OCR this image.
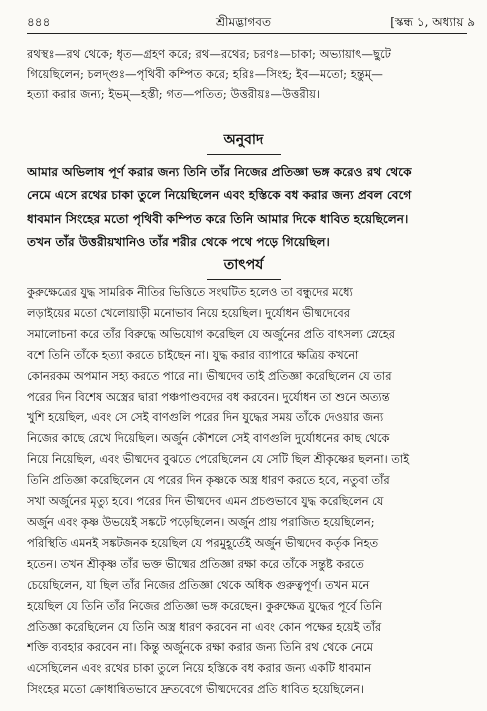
৪৪৪	শ্রীমদ্ভাগবত	[স্কন্ধ ১, অধ্যায় ৯
রথস্থঃ—রথ থেকে; ধৃত—গ্রহণ করে; রথ—রথের; চরণঃ—চাকা; অভ্যায়াৎ—ছুটে
গিয়েছিলেন; চলদ্গুঃ—পৃথিবী কম্পিত করে; হরিঃ—সিংহ; ইব—মতো; হন্তুম্—
হত্যা করার জন্য; ইভম্—হস্তী; গত—পতিত; উত্তরীয়ঃ—উত্তরীয়।
অনুবাদ
আমার অভিলাষ পূর্ণ করার জন্য তিনি তাঁর নিজের প্রতিজ্ঞা ভঙ্গ করেও রথ থেকে
নেমে এসে রথের চাকা তুলে নিয়েছিলেন এবং হস্তিকে বধ করার জন্য প্রবল বেগে
ধাবমান সিংহের মতো পৃথিবী কম্পিত করে তিনি আমার দিকে ধাবিত হয়েছিলেন।
তখন তাঁর উত্তরীয়খানিও তাঁর শরীর থেকে পথে পড়ে গিয়েছিল।
তাৎপর্য
কুরুক্ষেত্রের যুদ্ধ সামরিক নীতির ভিত্তিতে সংঘটিত হলেও তা বন্ধুদের মধ্যে
লড়াইয়ের মতো খেলোয়াড়ী মনোভাব নিয়ে হয়েছিল। দুর্যোধন ভীষ্মদেবের
সমালোচনা করে তাঁর বিরুদ্ধে অভিযোগ করেছিল যে অর্জুনের প্রতি বাৎসল্য স্নেহের
বশে তিনি তাঁকে হত্যা করতে চাইছেন না। যুদ্ধ করার ব্যাপারে ক্ষত্রিয় কখনো
কোনরকম অপমান সহ্য করতে পারে না। ভীষ্মদেব তাই প্রতিজ্ঞা করেছিলেন যে তার
পরের দিন বিশেষ অস্ত্রের দ্বারা পঞ্চপাণ্ডবদের বধ করবেন। দুর্যোধন তা শুনে অত্যন্ত
খুশি হয়েছিল, এবং সে সেই বাণগুলি পরের দিন যুদ্ধের সময় তাঁকে দেওয়ার জন্য
নিজের কাছে রেখে দিয়েছিল। অর্জুন কৌশলে সেই বাণগুলি দুর্যোধনের কাছ থেকে
নিয়ে নিয়েছিল, এবং ভীষ্মদেব বুঝতে পেরেছিলেন যে সেটি ছিল শ্রীকৃষ্ণের ছলনা। তাই
তিনি প্রতিজ্ঞা করেছিলেন যে পরের দিন কৃষ্ণকে অস্ত্র ধারণ করতে হবে, নতুবা তাঁর
সখা অর্জুনের মৃত্যু হবে। পরের দিন ভীষ্মদেব এমন প্রচণ্ডভাবে যুদ্ধ করেছিলেন যে
অর্জুন এবং কৃষ্ণ উভয়েই সঙ্কটে পড়েছিলেন। অর্জুন প্রায় পরাজিত হয়েছিলেন;
পরিস্থিতি এমনই সঙ্কটজনক হয়েছিল যে পরমুহূর্তেই অর্জুন ভীষ্মদেব কর্তৃক নিহত
হতেন। তখন শ্রীকৃষ্ণ তাঁর ভক্ত ভীষ্মের প্রতিজ্ঞা রক্ষা করে তাঁকে সন্তুষ্ট করতে
চেয়েছিলেন, যা ছিল তাঁর নিজের প্রতিজ্ঞা থেকে অধিক গুরুত্বপূর্ণ। তখন মনে
হয়েছিল যে তিনি তাঁর নিজের প্রতিজ্ঞা ভঙ্গ করেছেন। কুরুক্ষেত্র যুদ্ধের পূর্বে তিনি
প্রতিজ্ঞা করেছিলেন যে তিনি অস্ত্র ধারণ করবেন না এবং কোন পক্ষের হয়েই তাঁর
শক্তি ব্যবহার করবেন না। কিন্তু অর্জুনকে রক্ষা করার জন্য তিনি রথ থেকে নেমে
এসেছিলেন এবং রথের চাকা তুলে নিয়ে হস্তিকে বধ করার জন্য একটি ধাবমান
সিংহের মতো ক্রোধান্বিতভাবে দ্রুতবেগে ভীষ্মদেবের প্রতি ধাবিত হয়েছিলেন।
